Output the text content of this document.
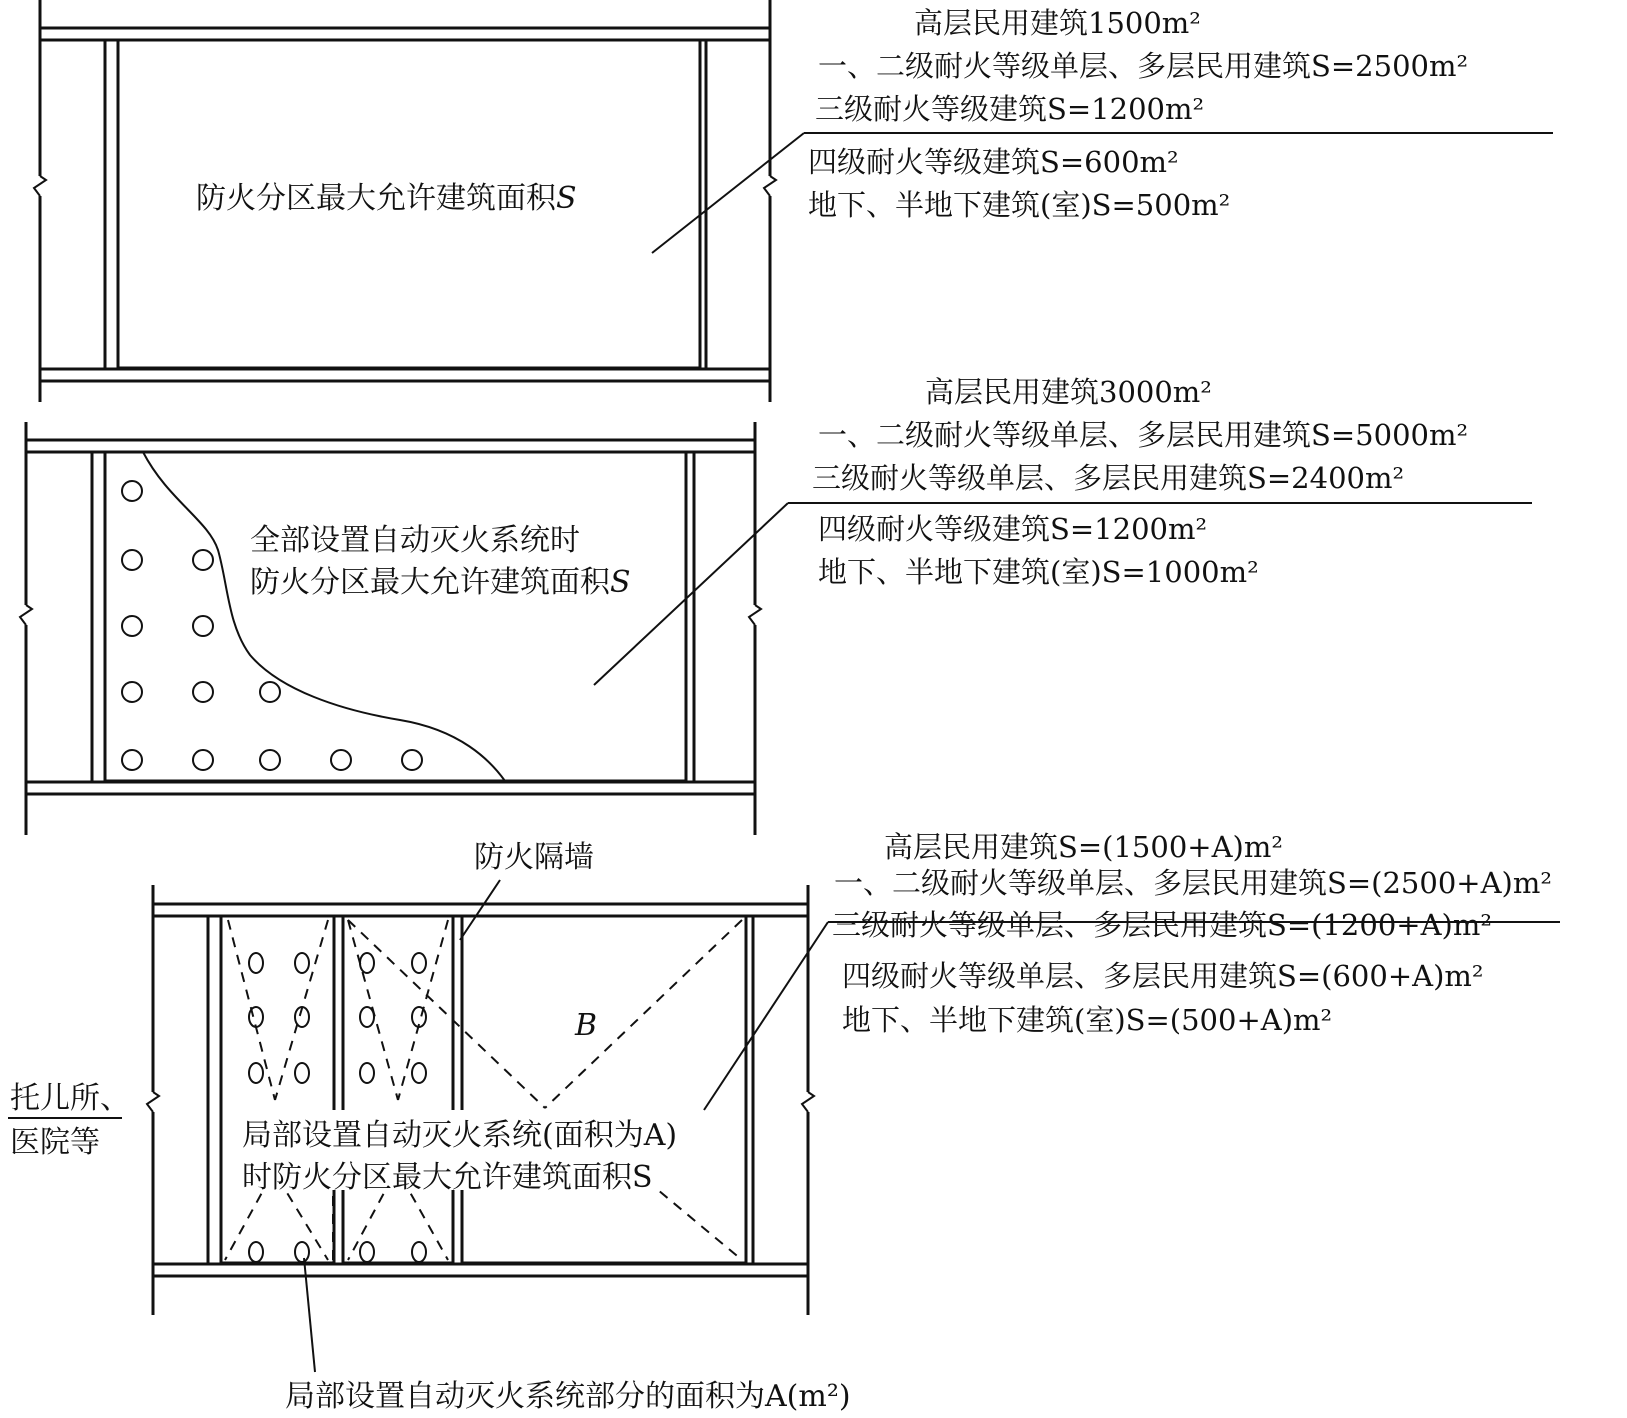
防火分区最大允许建筑面积S
高层民用建筑1500m²
一、二级耐火等级单层、多层民用建筑S=2500m²
三级耐火等级建筑S=1200m²
四级耐火等级建筑S=600m²
地下、半地下建筑(室)S=500m²
全部设置自动灭火系统时
防火分区最大允许建筑面积S
高层民用建筑3000m²
一、二级耐火等级单层、多层民用建筑S=5000m²
三级耐火等级单层、多层民用建筑S=2400m²
四级耐火等级建筑S=1200m²
地下、半地下建筑(室)S=1000m²
局部设置自动灭火系统(面积为A)
时防火分区最大允许建筑面积S
B
防火隔墙
托儿所、
医院等
局部设置自动灭火系统部分的面积为A(m²)
高层民用建筑S=(1500+A)m²
一、二级耐火等级单层、多层民用建筑S=(2500+A)m²
三级耐火等级单层、多层民用建筑S=(1200+A)m²
四级耐火等级单层、多层民用建筑S=(600+A)m²
地下、半地下建筑(室)S=(500+A)m²
